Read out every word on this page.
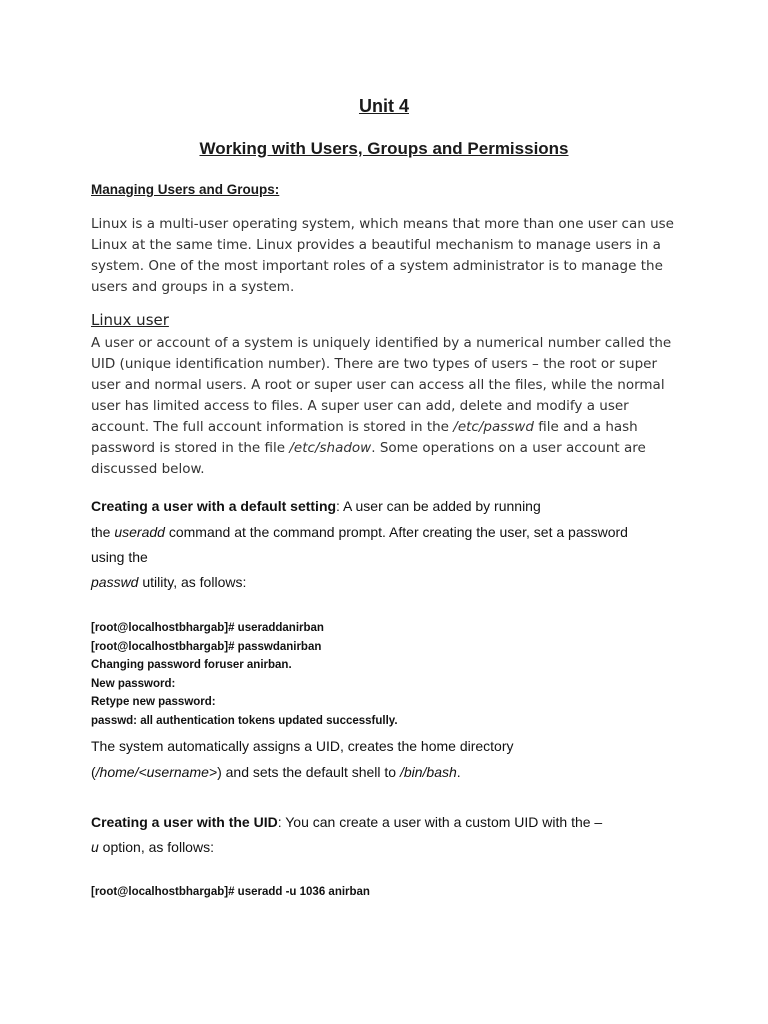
Unit 4
Working with Users, Groups and Permissions
Managing Users and Groups:

Linux is a multi-user operating system, which means that more than one user can use Linux at the same time. Linux provides a beautiful mechanism to manage users in a system. One of the most important roles of a system administrator is to manage the users and groups in a system.

Linux user

A user or account of a system is uniquely identified by a numerical number called the UID (unique identification number). There are two types of users – the root or super user and normal users. A root or super user can access all the files, while the normal user has limited access to files. A super user can add, delete and modify a user account. The full account information is stored in the /etc/passwd file and a hash password is stored in the file /etc/shadow. Some operations on a user account are discussed below.

Creating a user with a default setting: A user can be added by running
the useradd command at the command prompt. After creating the user, set a password
using the
passwd utility, as follows:
[root@localhostbhargab]# useraddanirban
[root@localhostbhargab]# passwdanirban
Changing password foruser anirban.
New password:
Retype new password:
passwd: all authentication tokens updated successfully.
The system automatically assigns a UID, creates the home directory
(/home/<username>) and sets the default shell to /bin/bash.
Creating a user with the UID: You can create a user with a custom UID with the –
u option, as follows:
[root@localhostbhargab]# useradd -u 1036 anirban
